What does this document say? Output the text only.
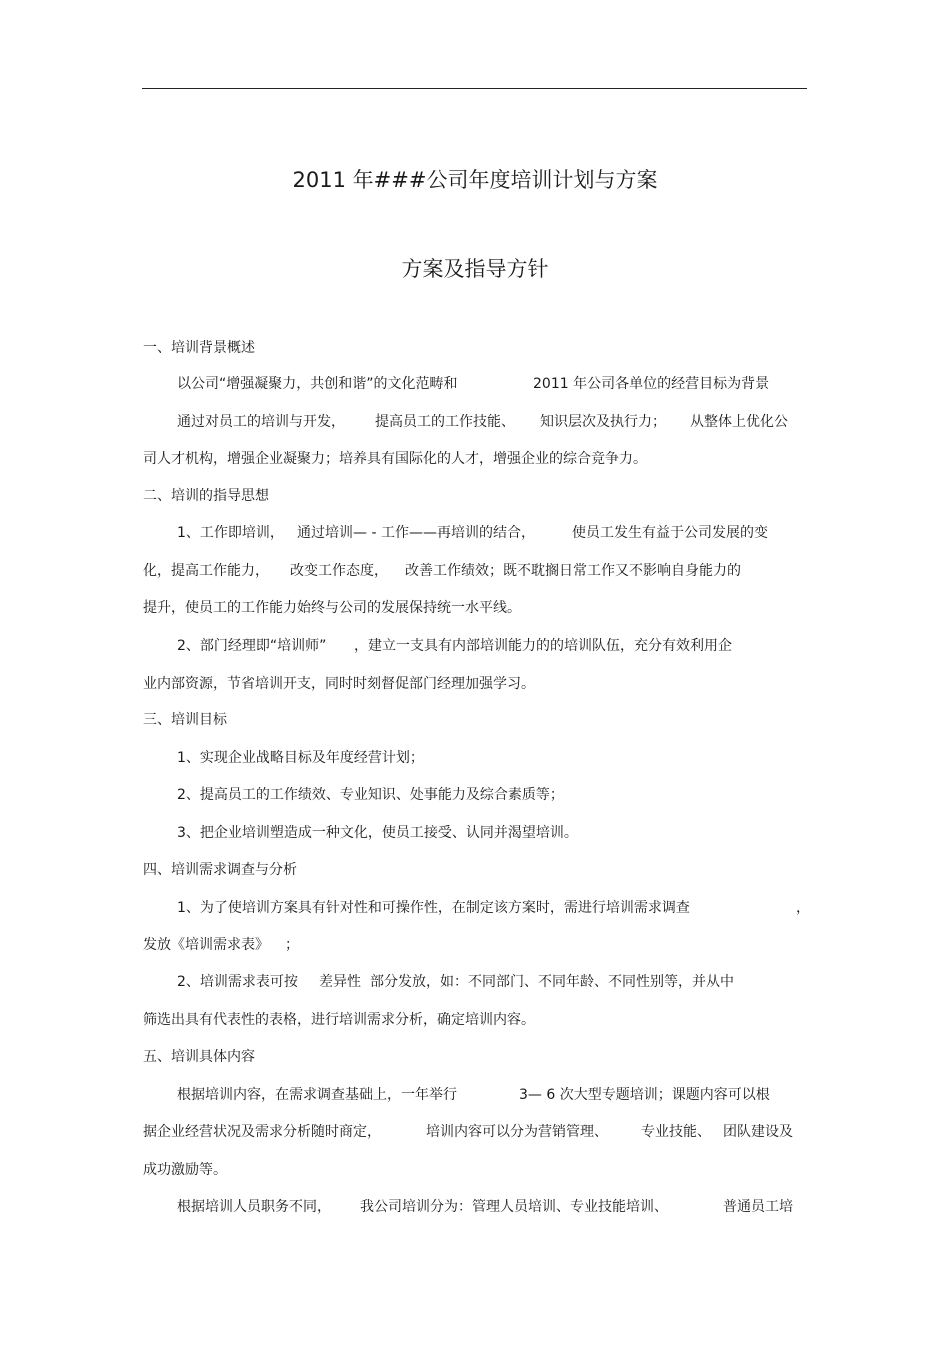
2011 年###公司年度培训计划与方案
方案及指导方针
一、培训背景概述
以公司“增强凝聚力，共创和谐”的文化范畴和	2011 年公司各单位的经营目标为背景
通过对员工的培训与开发， 提高员工的工作技能、 知识层次及执行力； 从整体上优化公
司人才机构，增强企业凝聚力；培养具有国际化的人才，增强企业的综合竞争力。
二、培训的指导思想
1、工作即培训， 通过培训— - 工作——再培训的结合，	使员工发生有益于公司发展的变
化，提高工作能力， 改变工作态度， 改善工作绩效；既不耽搁日常工作又不影响自身能力的
提升，使员工的工作能力始终与公司的发展保持统一水平线。
2、部门经理即“培训师” ，建立一支具有内部培训能力的的培训队伍，充分有效利用企
业内部资源，节省培训开支，同时时刻督促部门经理加强学习。
三、培训目标
1、实现企业战略目标及年度经营计划；
2、提高员工的工作绩效、专业知识、处事能力及综合素质等；
3、把企业培训塑造成一种文化，使员工接受、认同并渴望培训。
四、培训需求调查与分析
1、为了使培训方案具有针对性和可操作性，在制定该方案时，需进行培训需求调查	，
发放《培训需求表》 ；
2、培训需求表可按 差异性 部分发放，如：不同部门、不同年龄、不同性别等，并从中
筛选出具有代表性的表格，进行培训需求分析，确定培训内容。
五、培训具体内容
根据培训内容，在需求调查基础上，一年举行	3— 6 次大型专题培训；课题内容可以根
据企业经营状况及需求分析随时商定，	培训内容可以分为营销管理、 专业技能、 团队建设及
成功激励等。
根据培训人员职务不同， 我公司培训分为：管理人员培训、专业技能培训、	普通员工培
